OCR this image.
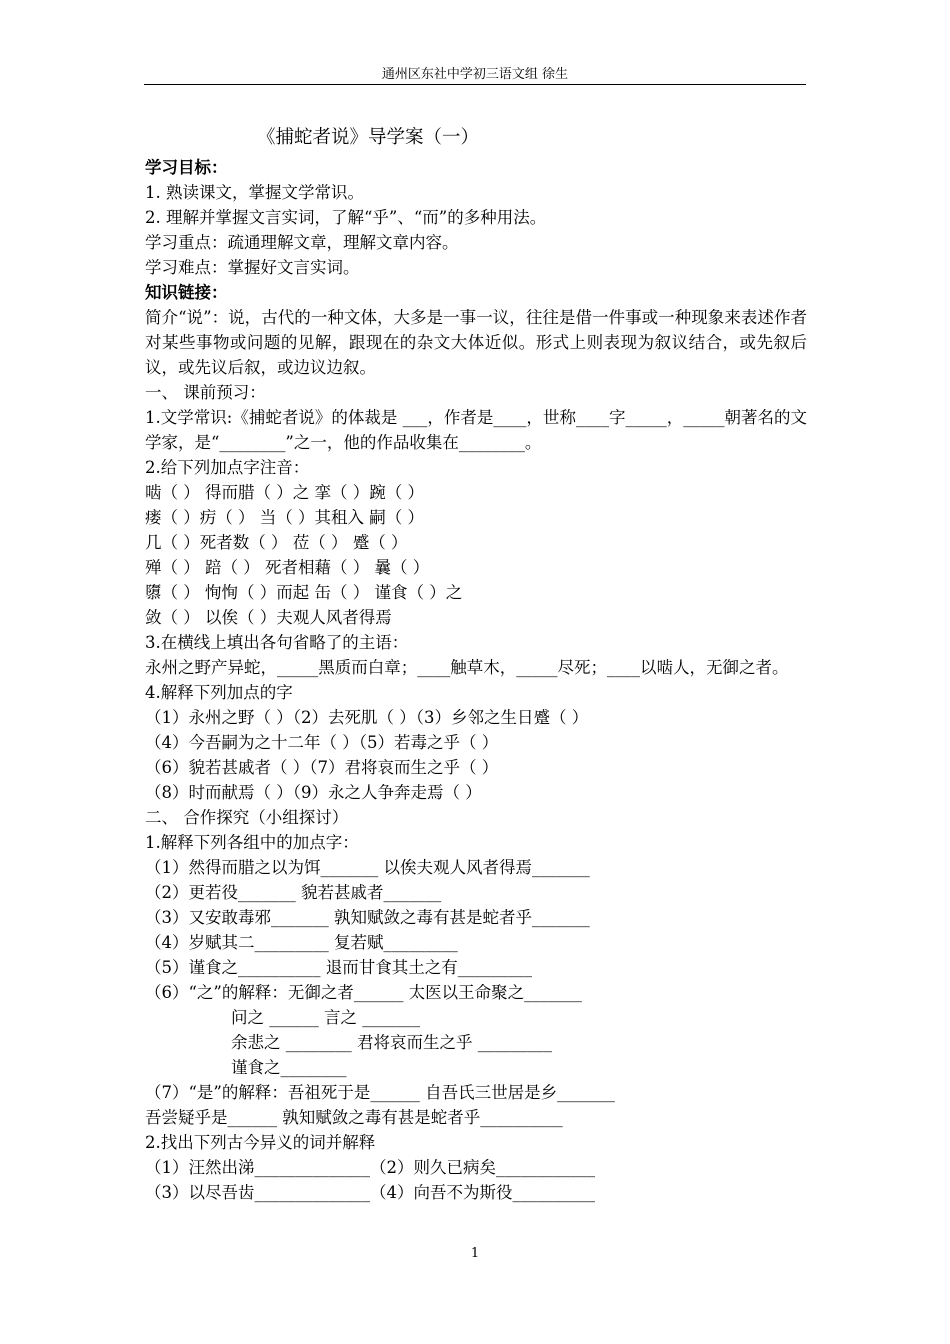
通州区东社中学初三语文组 徐生
《捕蛇者说》导学案（一）
学习目标：
1. 熟读课文，掌握文学常识。
2. 理解并掌握文言实词，了解“乎”、“而”的多种用法。
学习重点：疏通理解文章，理解文章内容。
学习难点：掌握好文言实词。
知识链接：
简介“说”：说，古代的一种文体，大多是一事一议，往往是借一件事或一种现象来表述作者对某些事物或问题的见解，跟现在的杂文大体近似。形式上则表现为叙议结合，或先叙后议，或先议后叙，或边议边叙。
一、 课前预习：
1.文学常识:《捕蛇者说》的体裁是 ___，作者是____，世称____字_____，_____朝著名的文学家，是“________”之一，他的作品收集在________。
2.给下列加点字注音：
啮（ ） 得而腊（ ）之 挛（ ）踠（ ）
瘘（ ）疠（ ） 当（ ）其租入 嗣（ ）
几（ ）死者数（ ） 莅（ ） 蹙（ ）
殚（ ） 踣（ ） 死者相藉（ ） 曩（ ）
隳（ ） 恂恂（ ）而起 缶（ ） 谨食（ ）之
敛（ ） 以俟（ ）夫观人风者得焉
3.在横线上填出各句省略了的主语：
永州之野产异蛇，_____黑质而白章；____触草木，_____尽死；____以啮人，无御之者。
4.解释下列加点的字
（1）永州之野（ ）（2）去死肌（ ）（3）乡邻之生日蹙（ ）
（4）今吾嗣为之十二年（ ）（5）若毒之乎（ ）
（6）貌若甚戚者（ ）（7）君将哀而生之乎（ ）
（8）时而献焉（ ）（9）永之人争奔走焉（ ）
二、 合作探究（小组探讨）
1.解释下列各组中的加点字：
（1）然得而腊之以为饵_______ 以俟夫观人风者得焉_______
（2）更若役_______ 貌若甚戚者_______
（3）又安敢毒邪_______ 孰知赋敛之毒有甚是蛇者乎_______
（4）岁赋其二_________ 复若赋_________
（5）谨食之__________ 退而甘食其土之有_________
（6）“之”的解释：无御之者______ 太医以王命聚之_______
问之 ______ 言之 _______
余悲之 ________ 君将哀而生之乎 _________
谨食之________
（7）“是”的解释：吾祖死于是______ 自吾氏三世居是乡_______
吾尝疑乎是______ 孰知赋敛之毒有甚是蛇者乎__________
2.找出下列古今异义的词并解释
（1）汪然出涕______________（2）则久已病矣____________
（3）以尽吾齿______________（4）向吾不为斯役__________
1
